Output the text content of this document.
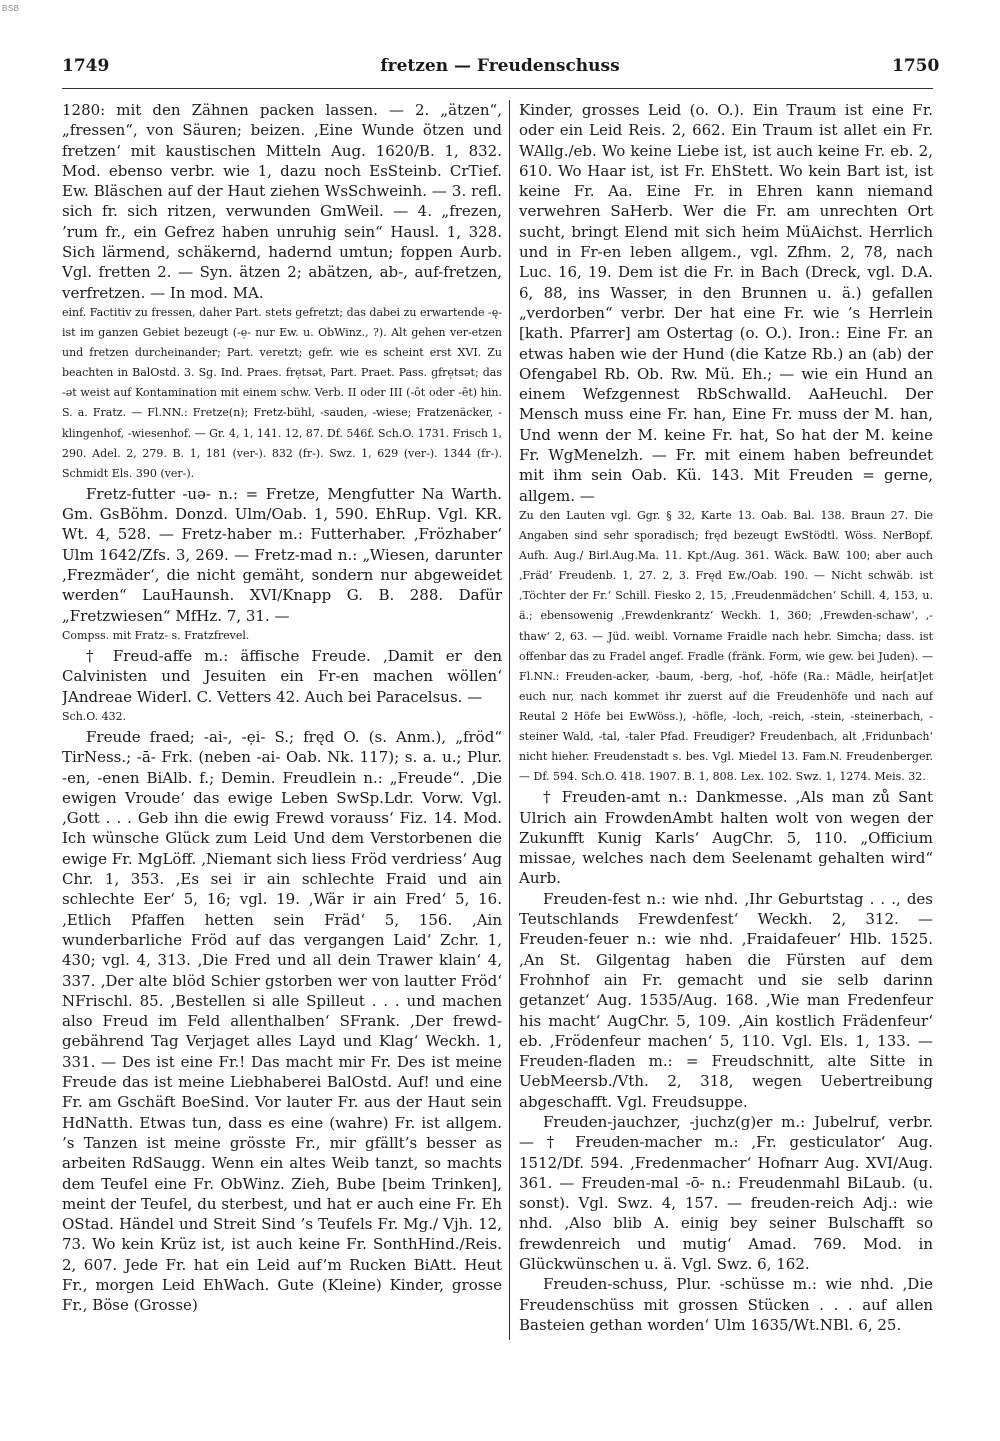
BSB
1749	fretzen — Freudenschuss	1750

1280: mit den Zähnen packen lassen. — 2. „ätzen“, „fressen“, von Säuren; beizen. ‚Eine Wunde ötzen und fretzen‘ mit kaustischen Mitteln Aug. 1620/B. 1, 832. Mod. ebenso verbr. wie 1, dazu noch EsSteinb. CrTief. Ew. Bläschen auf der Haut ziehen WsSchweinh. — 3. refl. sich fr. sich ritzen, verwunden GmWeil. — 4. „frezen, ’rum fr., ein Gefrez haben unruhig sein“ Hausl. 1, 328. Sich lärmend, schäkernd, hadernd umtun; foppen Aurb. Vgl. fretten 2. — Syn. ätzen 2; abätzen, ab-, auf-fretzen, verfretzen. — In mod. MA.

einf. Factitiv zu fressen, daher Part. stets gefretzt; das dabei zu erwartende -ę- ist im ganzen Gebiet bezeugt (-ẹ- nur Ew. u. ObWinz., ?). Alt gehen ver-etzen und fretzen durcheinander; Part. veretzt; gefr. wie es scheint erst XVI. Zu beachten in BalOstd. 3. Sg. Ind. Praes. frẹtsət, Part. Praet. Pass. gfrẹtsət; das -ət weist auf Kontamination mit einem schw. Verb. II oder III (-ōt oder -ēt) hin. S. a. Fratz. — Fl.NN.: Fretze(n); Fretz-bühl, -sauden, -wiese; Fratzenäcker, -klingenhof, -wiesenhof. — Gr. 4, 1, 141. 12, 87. Df. 546f. Sch.O. 1731. Frisch 1, 290. Adel. 2, 279. B. 1, 181 (ver-). 832 (fr-). Swz. 1, 629 (ver-). 1344 (fr-). Schmidt Els. 390 (ver-).

Fretz-futter -uə- n.: = Fretze, Mengfutter Na Warth. Gm. GsBöhm. Donzd. Ulm/Oab. 1, 590. EhRup. Vgl. KR. Wt. 4, 528. — Fretz-haber m.: Futterhaber. ‚Frözhaber‘ Ulm 1642/Zfs. 3, 269. — Fretz-mad n.: „Wiesen, darunter ‚Frezmäder‘, die nicht gemäht, sondern nur abgeweidet werden“ LauHaunsh. XVI/Knapp G. B. 288. Dafür „Fretzwiesen“ MfHz. 7, 31. —

Compss. mit Fratz- s. Fratzfrevel.

† Freud-affe m.: äffische Freude. ‚Damit er den Calvinisten und Jesuiten ein Fr-en machen wöllen‘ JAndreae Widerl. C. Vetters 42. Auch bei Paracelsus. —

Sch.O. 432.

Freude fraed; -ai-, -ẹi- S.; fręd O. (s. Anm.), „fröd“ TirNess.; -ā- Frk. (neben -ai- Oab. Nk. 117); s. a. u.; Plur. -en, -enen BiAlb. f.; Demin. Freudlein n.: „Freude“. ‚Die ewigen Vroude‘ das ewige Leben SwSp.Ldr. Vorw. Vgl. ‚Gott . . . Geb ihn die ewig Frewd vorauss‘ Fiz. 14. Mod. Ich wünsche Glück zum Leid Und dem Verstorbenen die ewige Fr. MgLöff. ‚Niemant sich liess Fröd verdriess‘ Aug Chr. 1, 353. ‚Es sei ir ain schlechte Fraid und ain schlechte Eer‘ 5, 16; vgl. 19. ‚Wär ir ain Fred‘ 5, 16. ‚Etlich Pfaffen hetten sein Fräd‘ 5, 156. ‚Ain wunderbarliche Fröd auf das vergangen Laid‘ Zchr. 1, 430; vgl. 4, 313. ‚Die Fred und all dein Trawer klain‘ 4, 337. ‚Der alte blöd Schier gstorben wer von lautter Fröd‘ NFrischl. 85. ‚Bestellen si alle Spilleut . . . und machen also Freud im Feld allenthalben‘ SFrank. ‚Der frewd-gebährend Tag Verjaget alles Layd und Klag‘ Weckh. 1, 331. — Des ist eine Fr.! Das macht mir Fr. Des ist meine Freude das ist meine Liebhaberei BalOstd. Auf! und eine Fr. am Gschäft BoeSind. Vor lauter Fr. aus der Haut sein HdNatth. Etwas tun, dass es eine (wahre) Fr. ist allgem. ’s Tanzen ist meine grösste Fr., mir gfällt’s besser as arbeiten RdSaugg. Wenn ein altes Weib tanzt, so machts dem Teufel eine Fr. ObWinz. Zieh, Bube [beim Trinken], meint der Teufel, du sterbest, und hat er auch eine Fr. Eh OStad. Händel und Streit Sind ’s Teufels Fr. Mg./ Vjh. 12, 73. Wo kein Krüz ist, ist auch keine Fr. SonthHind./Reis. 2, 607. Jede Fr. hat ein Leid auf’m Rucken BiAtt. Heut Fr., morgen Leid EhWach. Gute (Kleine) Kinder, grosse Fr., Böse (Grosse)

Kinder, grosses Leid (o. O.). Ein Traum ist eine Fr. oder ein Leid Reis. 2, 662. Ein Traum ist allet ein Fr. WAllg./eb. Wo keine Liebe ist, ist auch keine Fr. eb. 2, 610. Wo Haar ist, ist Fr. EhStett. Wo kein Bart ist, ist keine Fr. Aa. Eine Fr. in Ehren kann niemand verwehren SaHerb. Wer die Fr. am unrechten Ort sucht, bringt Elend mit sich heim MüAichst. Herrlich und in Fr-en leben allgem., vgl. Zfhm. 2, 78, nach Luc. 16, 19. Dem ist die Fr. in Bach (Dreck, vgl. D.A. 6, 88, ins Wasser, in den Brunnen u. ä.) gefallen „verdorben“ verbr. Der hat eine Fr. wie ’s Herrlein [kath. Pfarrer] am Ostertag (o. O.). Iron.: Eine Fr. an etwas haben wie der Hund (die Katze Rb.) an (ab) der Ofengabel Rb. Ob. Rw. Mü. Eh.; — wie ein Hund an einem Wefzgennest RbSchwalld. AaHeuchl. Der Mensch muss eine Fr. han, Eine Fr. muss der M. han, Und wenn der M. keine Fr. hat, So hat der M. keine Fr. WgMenelzh. — Fr. mit einem haben befreundet mit ihm sein Oab. Kü. 143. Mit Freuden = gerne, allgem. —

Zu den Lauten vgl. Ggr. § 32, Karte 13. Oab. Bal. 138. Braun 27. Die Angaben sind sehr sporadisch; fręd bezeugt EwStödtl. Wöss. NerBopf. Aufh. Aug./ Birl.Aug.Ma. 11. Kpt./Aug. 361. Wäck. BaW. 100; aber auch ‚Fräd‘ Freudenb. 1, 27. 2, 3. Fręd Ew./Oab. 190. — Nicht schwäb. ist ‚Töchter der Fr.‘ Schill. Fiesko 2, 15, ‚Freudenmädchen‘ Schill. 4, 153, u. ä.; ebensowenig ‚Frewdenkrantz‘ Weckh. 1, 360; ‚Frewden-schaw‘, ‚-thaw‘ 2, 63. — Jüd. weibl. Vorname Fraidle nach hebr. Simcha; dass. ist offenbar das zu Fradel angef. Fradle (fränk. Form, wie gew. bei Juden). — Fl.NN.: Freuden-acker, -baum, -berg, -hof, -höfe (Ra.: Mädle, heir[at]et euch nur, nach kommet ihr zuerst auf die Freudenhöfe und nach auf Reutal 2 Höfe bei EwWöss.), -höfle, -loch, -reich, -stein, -steinerbach, -steiner Wald, -tal, -taler Pfad. Freudiger? Freudenbach, alt ‚Fridunbach‘ nicht hieher. Freudenstadt s. bes. Vgl. Miedel 13. Fam.N. Freudenberger. — Df. 594. Sch.O. 418. 1907. B. 1, 808. Lex. 102. Swz. 1, 1274. Meis. 32.

† Freuden-amt n.: Dankmesse. ‚Als man zů Sant Ulrich ain FrowdenAmbt halten wolt von wegen der Zukunfft Kunig Karls‘ AugChr. 5, 110. „Officium missae, welches nach dem Seelenamt gehalten wird“ Aurb.

Freuden-fest n.: wie nhd. ‚Ihr Geburtstag . . ., des Teutschlands Frewdenfest‘ Weckh. 2, 312. — Freuden-feuer n.: wie nhd. ‚Fraidafeuer‘ Hlb. 1525. ‚An St. Gilgentag haben die Fürsten auf dem Frohnhof ain Fr. gemacht und sie selb darinn getanzet‘ Aug. 1535/Aug. 168. ‚Wie man Fredenfeur his macht‘ AugChr. 5, 109. ‚Ain kostlich Frädenfeur‘ eb. ‚Frödenfeur machen‘ 5, 110. Vgl. Els. 1, 133. — Freuden-fladen m.: = Freudschnitt, alte Sitte in UebMeersb./Vth. 2, 318, wegen Uebertreibung abgeschafft. Vgl. Freudsuppe.

Freuden-jauchzer, -juchz(g)er m.: Jubelruf, verbr. — † Freuden-macher m.: ‚Fr. gesticulator‘ Aug. 1512/Df. 594. ‚Fredenmacher‘ Hofnarr Aug. XVI/Aug. 361. — Freuden-mal -ō- n.: Freudenmahl BiLaub. (u. sonst). Vgl. Swz. 4, 157. — freuden-reich Adj.: wie nhd. ‚Also blib A. einig bey seiner Bulschafft so frewdenreich und mutig‘ Amad. 769. Mod. in Glückwünschen u. ä. Vgl. Swz. 6, 162.

Freuden-schuss, Plur. -schüsse m.: wie nhd. ‚Die Freudenschüss mit grossen Stücken . . . auf allen Basteien gethan worden‘ Ulm 1635/Wt.NBl. 6, 25.
